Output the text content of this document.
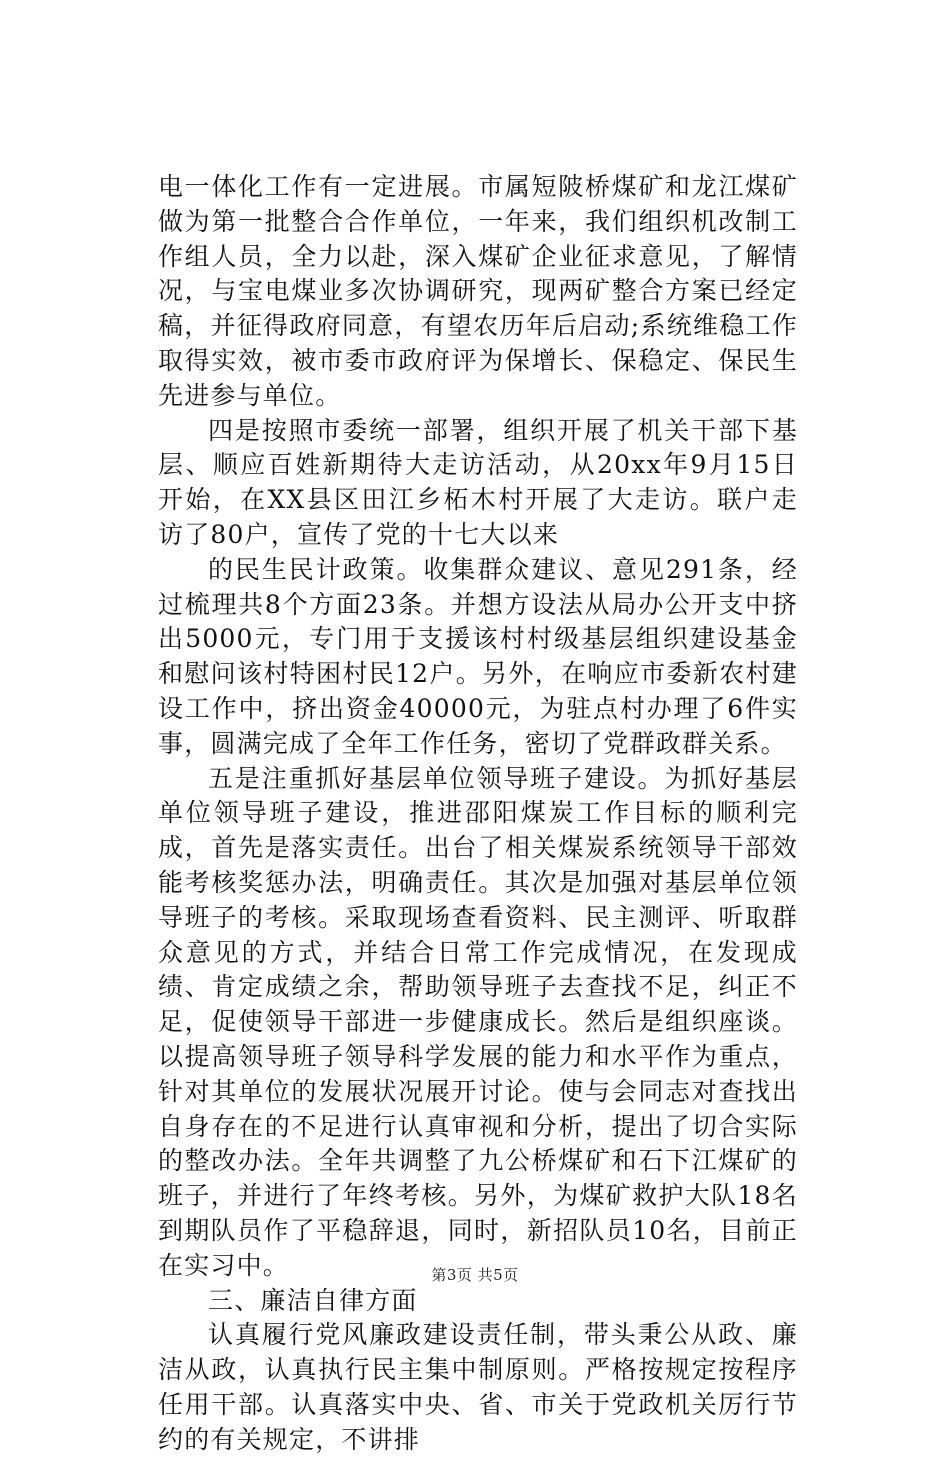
电一体化工作有一定进展。市属短陂桥煤矿和龙江煤矿做为第一批整合合作单位，一年来，我们组织机改制工作组人员，全力以赴，深入煤矿企业征求意见，了解情况，与宝电煤业多次协调研究，现两矿整合方案已经定稿，并征得政府同意，有望农历年后启动;系统维稳工作取得实效，被市委市政府评为保增长、保稳定、保民生先进参与单位。

四是按照市委统一部署，组织开展了机关干部下基层、顺应百姓新期待大走访活动，从20xx年9月15日开始，在XX县区田江乡柘木村开展了大走访。联户走访了80户，宣传了党的十七大以来

的民生民计政策。收集群众建议、意见291条，经过梳理共8个方面23条。并想方设法从局办公开支中挤出5000元，专门用于支援该村村级基层组织建设基金和慰问该村特困村民12户。另外，在响应市委新农村建设工作中，挤出资金40000元，为驻点村办理了6件实事，圆满完成了全年工作任务，密切了党群政群关系。

五是注重抓好基层单位领导班子建设。为抓好基层单位领导班子建设，推进邵阳煤炭工作目标的顺利完成，首先是落实责任。出台了相关煤炭系统领导干部效能考核奖惩办法，明确责任。其次是加强对基层单位领导班子的考核。采取现场查看资料、民主测评、听取群众意见的方式，并结合日常工作完成情况，在发现成绩、肯定成绩之余，帮助领导班子去查找不足，纠正不足，促使领导干部进一步健康成长。然后是组织座谈。以提高领导班子领导科学发展的能力和水平作为重点，针对其单位的发展状况展开讨论。使与会同志对查找出自身存在的不足进行认真审视和分析，提出了切合实际的整改办法。全年共调整了九公桥煤矿和石下江煤矿的班子，并进行了年终考核。另外，为煤矿救护大队18名到期队员作了平稳辞退，同时，新招队员10名，目前正在实习中。

三、廉洁自律方面

认真履行党风廉政建设责任制，带头秉公从政、廉洁从政，认真执行民主集中制原则。严格按规定按程序任用干部。认真落实中央、省、市关于党政机关厉行节约的有关规定，不讲排

第3页 共5页
